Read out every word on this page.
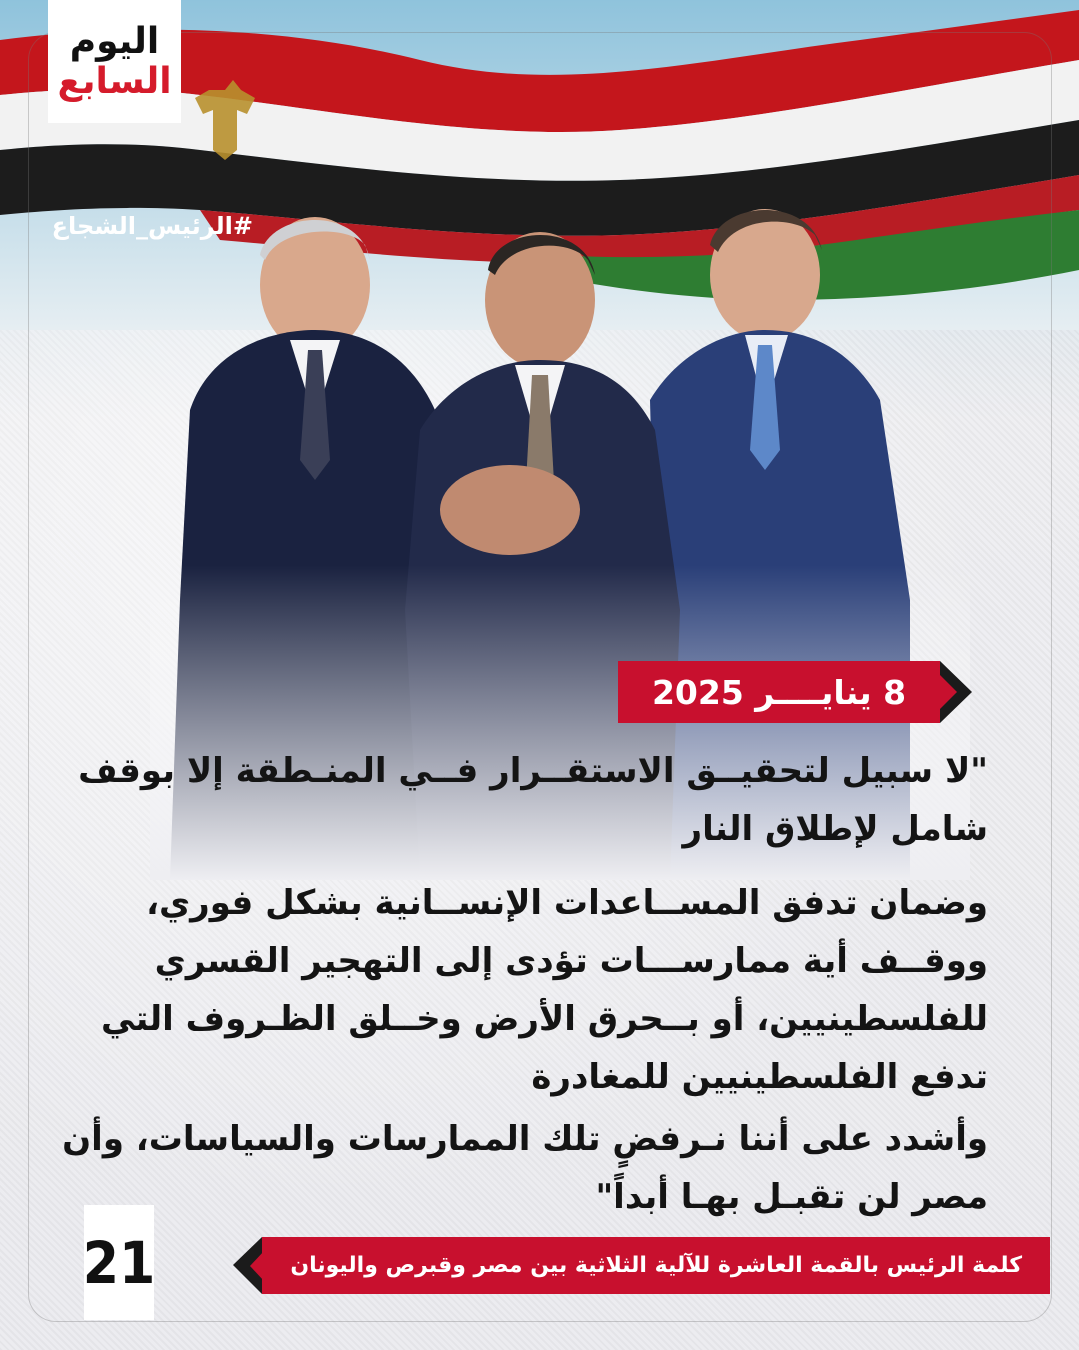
اليوم
السابع
#الرئيس_الشجاع
8 ينايــــر 2025
"لا سبيل لتحقيــق الاستقــرار فــي المنـطقة إلا بوقف شامل لإطلاق النار
وضمان تدفق المســاعدات الإنســانية بشكل فوري، ووقــف أية ممارســـات تؤدى إلى التهجير القسري للفلسطينيين، أو بــحرق الأرض وخــلق الظـروف التي تدفع الفلسطينيين للمغادرة
وأشدد على أننا نـرفضٍ تلك الممارسات والسياسات، وأن مصر لن تقبـل بهـا أبداً"
21	كلمة الرئيس بالقمة العاشرة للآلية الثلاثية بين مصر وقبرص واليونان
